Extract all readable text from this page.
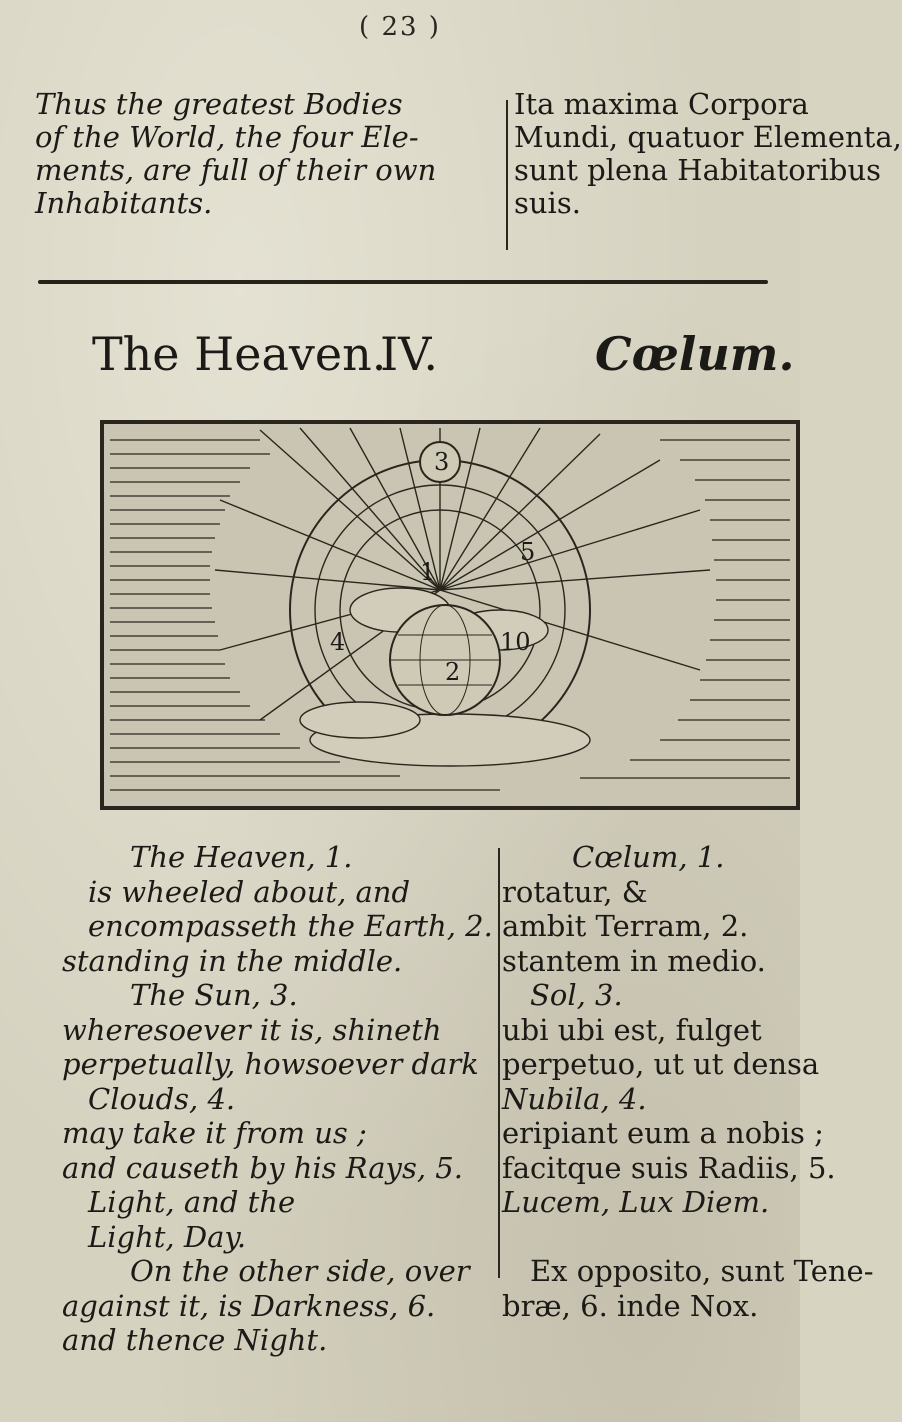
( 23 )
Thus the greatest Bodies
of the World, the four Ele-
ments, are full of their own
Inhabitants.
Ita maxima Corpora
Mundi, quatuor Elementa,
sunt plena Habitatoribus
suis.
The Heaven.
IV.	Cœlum.
3
1
2
4	10
5
The Heaven, 1.
is wheeled about, and
encompasseth the Earth, 2.
standing in the middle.
The Sun, 3.
wheresoever it is, shineth
perpetually, howsoever dark
Clouds, 4.
may take it from us ;
and causeth by his Rays, 5.
Light, and the
Light, Day.
On the other side, over
against it, is Darkness, 6.
and thence Night.
Cœlum, 1.
rotatur, &
ambit Terram, 2.
stantem in medio.
Sol, 3.
ubi ubi est, fulget
perpetuo, ut ut densa
Nubila, 4.
eripiant eum a nobis ;
facitque suis Radiis, 5.
Lucem, Lux Diem.

Ex opposito, sunt Tene-
bræ, 6. inde Nox.
